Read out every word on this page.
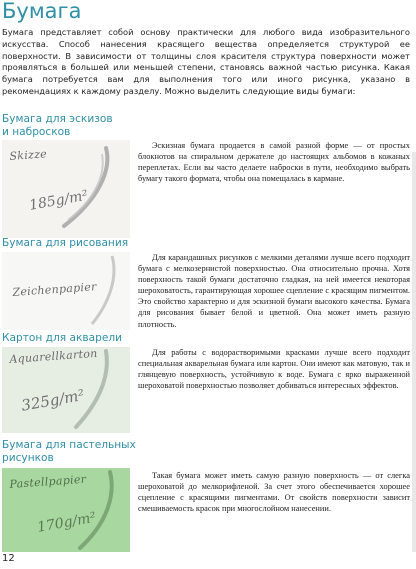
Бумага

Бумага представляет собой основу практически для любого вида изобразительного искусства. Способ нанесения красящего вещества определяется структурой ее поверхности. В зависимости от толщины слоя красителя структура поверхности может проявляться в большей или меньшей степени, становясь важной частью рисунка. Какая бумага потребуется вам для выполнения того или иного рисунка, указано в рекомендациях к каждому разделу. Можно выделить следующие виды бумаги:

Бумага для эскизов
и набросков
Skizze
185g/m²

Эскизная бумага продается в самой разной форме — от простых блокнотов на спиральном держателе до настоящих альбомов в кожаных переплетах. Если вы часто делаете наброски в пути, необходимо выбрать бумагу такого формата, чтобы она помещалась в кармане.

Бумага для рисования
Zeichenpapier

Для карандашных рисунков с мелкими деталями лучше всего подходит бумага с мелкозернистой поверхностью. Она относительно прочна. Хотя поверхность такой бумаги достаточно гладкая, на ней имеется некоторая шероховатость, гарантирующая хорошее сцепление с красящим пигментом. Это свойство характерно и для эскизной бумаги высокого качества. Бумага для рисования бывает белой и цветной. Она может иметь разную плотность.

Картон для акварели
Aquarellkarton
325g/m²

Для работы с водорастворимыми красками лучше всего подходит специальная акварельная бумага или картон. Они имеют как матовую, так и глянцевую поверхность, устойчивую к воде. Бумага с ярко выраженной шероховатой поверхностью позволяет добиваться интересных эффектов.

Бумага для пастельных
рисунков
Pastellpapier
170g/m²

Такая бумага может иметь самую разную поверхность — от слегка шероховатой до мелкорифленой. За счет этого обеспечивается хорошее сцепление с красящими пигментами. От свойств поверхности зависит смешиваемость красок при многослойном нанесении.

12
